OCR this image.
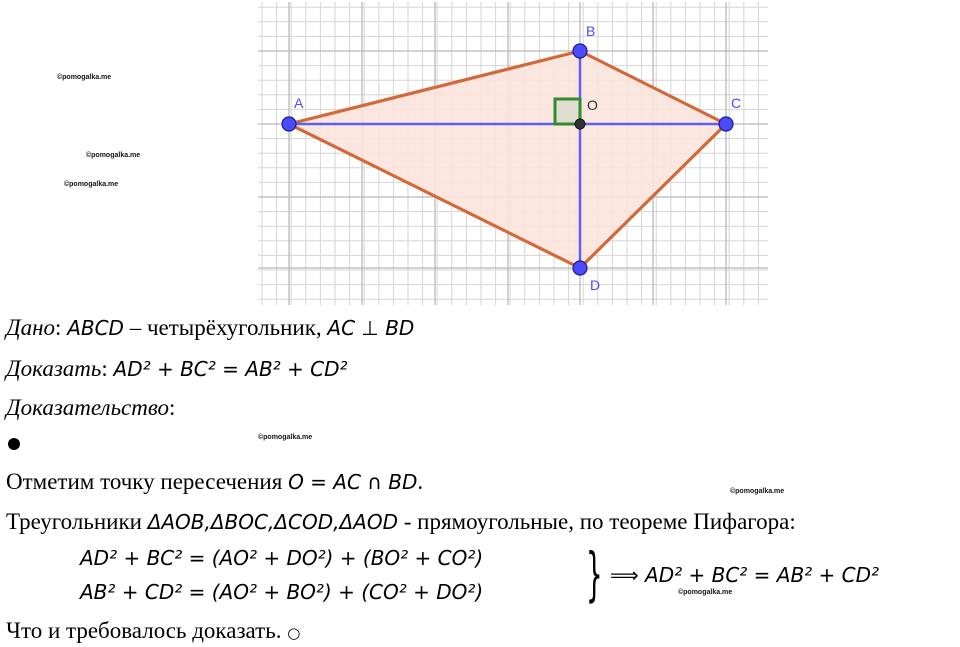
A
B
C
D
O
©pomogalka.me
©pomogalka.me
©pomogalka.me
©pomogalka.me
©pomogalka.me
©pomogalka.me
Дано: ABCD – четырёхугольник, AC ⊥ BD
Доказать: AD² + BC² = AB² + CD²
Доказательство:
Отметим точку пересечения O = AC ∩ BD.
Треугольники ΔAOB,ΔBOC,ΔCOD,ΔAOD - прямоугольные, по теореме Пифагора:
AD² + BC² = (AO² + DO²) + (BO² + CO²)
AB² + CD² = (AO² + BO²) + (CO² + DO²) } ⟹ AD² + BC² = AB² + CD²
Что и требовалось доказать. ○
